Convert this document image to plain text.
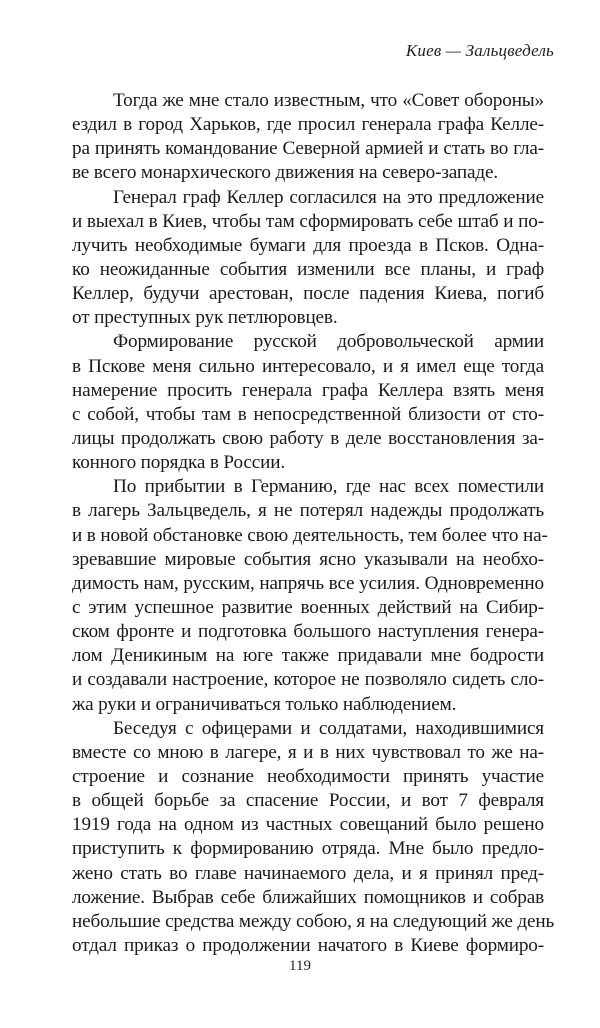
Киев — Зальцведель
Тогда же мне стало известным, что «Совет обороны»
ездил в город Харьков, где просил генерала графа Келле-
ра принять командование Северной армией и стать во гла-
ве всего монархического движения на северо-западе.
Генерал граф Келлер согласился на это предложение
и выехал в Киев, чтобы там сформировать себе штаб и по-
лучить необходимые бумаги для проезда в Псков. Одна-
ко неожиданные события изменили все планы, и граф
Келлер, будучи арестован, после падения Киева, погиб
от преступных рук петлюровцев.
Формирование русской добровольческой армии
в Пскове меня сильно интересовало, и я имел еще тогда
намерение просить генерала графа Келлера взять меня
с собой, чтобы там в непосредственной близости от сто-
лицы продолжать свою работу в деле восстановления за-
конного порядка в России.
По прибытии в Германию, где нас всех поместили
в лагерь Зальцведель, я не потерял надежды продолжать
и в новой обстановке свою деятельность, тем более что на-
зревавшие мировые события ясно указывали на необхо-
димость нам, русским, напрячь все усилия. Одновременно
с этим успешное развитие военных действий на Сибир-
ском фронте и подготовка большого наступления генера-
лом Деникиным на юге также придавали мне бодрости
и создавали настроение, которое не позволяло сидеть сло-
жа руки и ограничиваться только наблюдением.
Беседуя с офицерами и солдатами, находившимися
вместе со мною в лагере, я и в них чувствовал то же на-
строение и сознание необходимости принять участие
в общей борьбе за спасение России, и вот 7 февраля
1919 года на одном из частных совещаний было решено
приступить к формированию отряда. Мне было предло-
жено стать во главе начинаемого дела, и я принял пред-
ложение. Выбрав себе ближайших помощников и собрав
небольшие средства между собою, я на следующий же день
отдал приказ о продолжении начатого в Киеве формиро-
119
